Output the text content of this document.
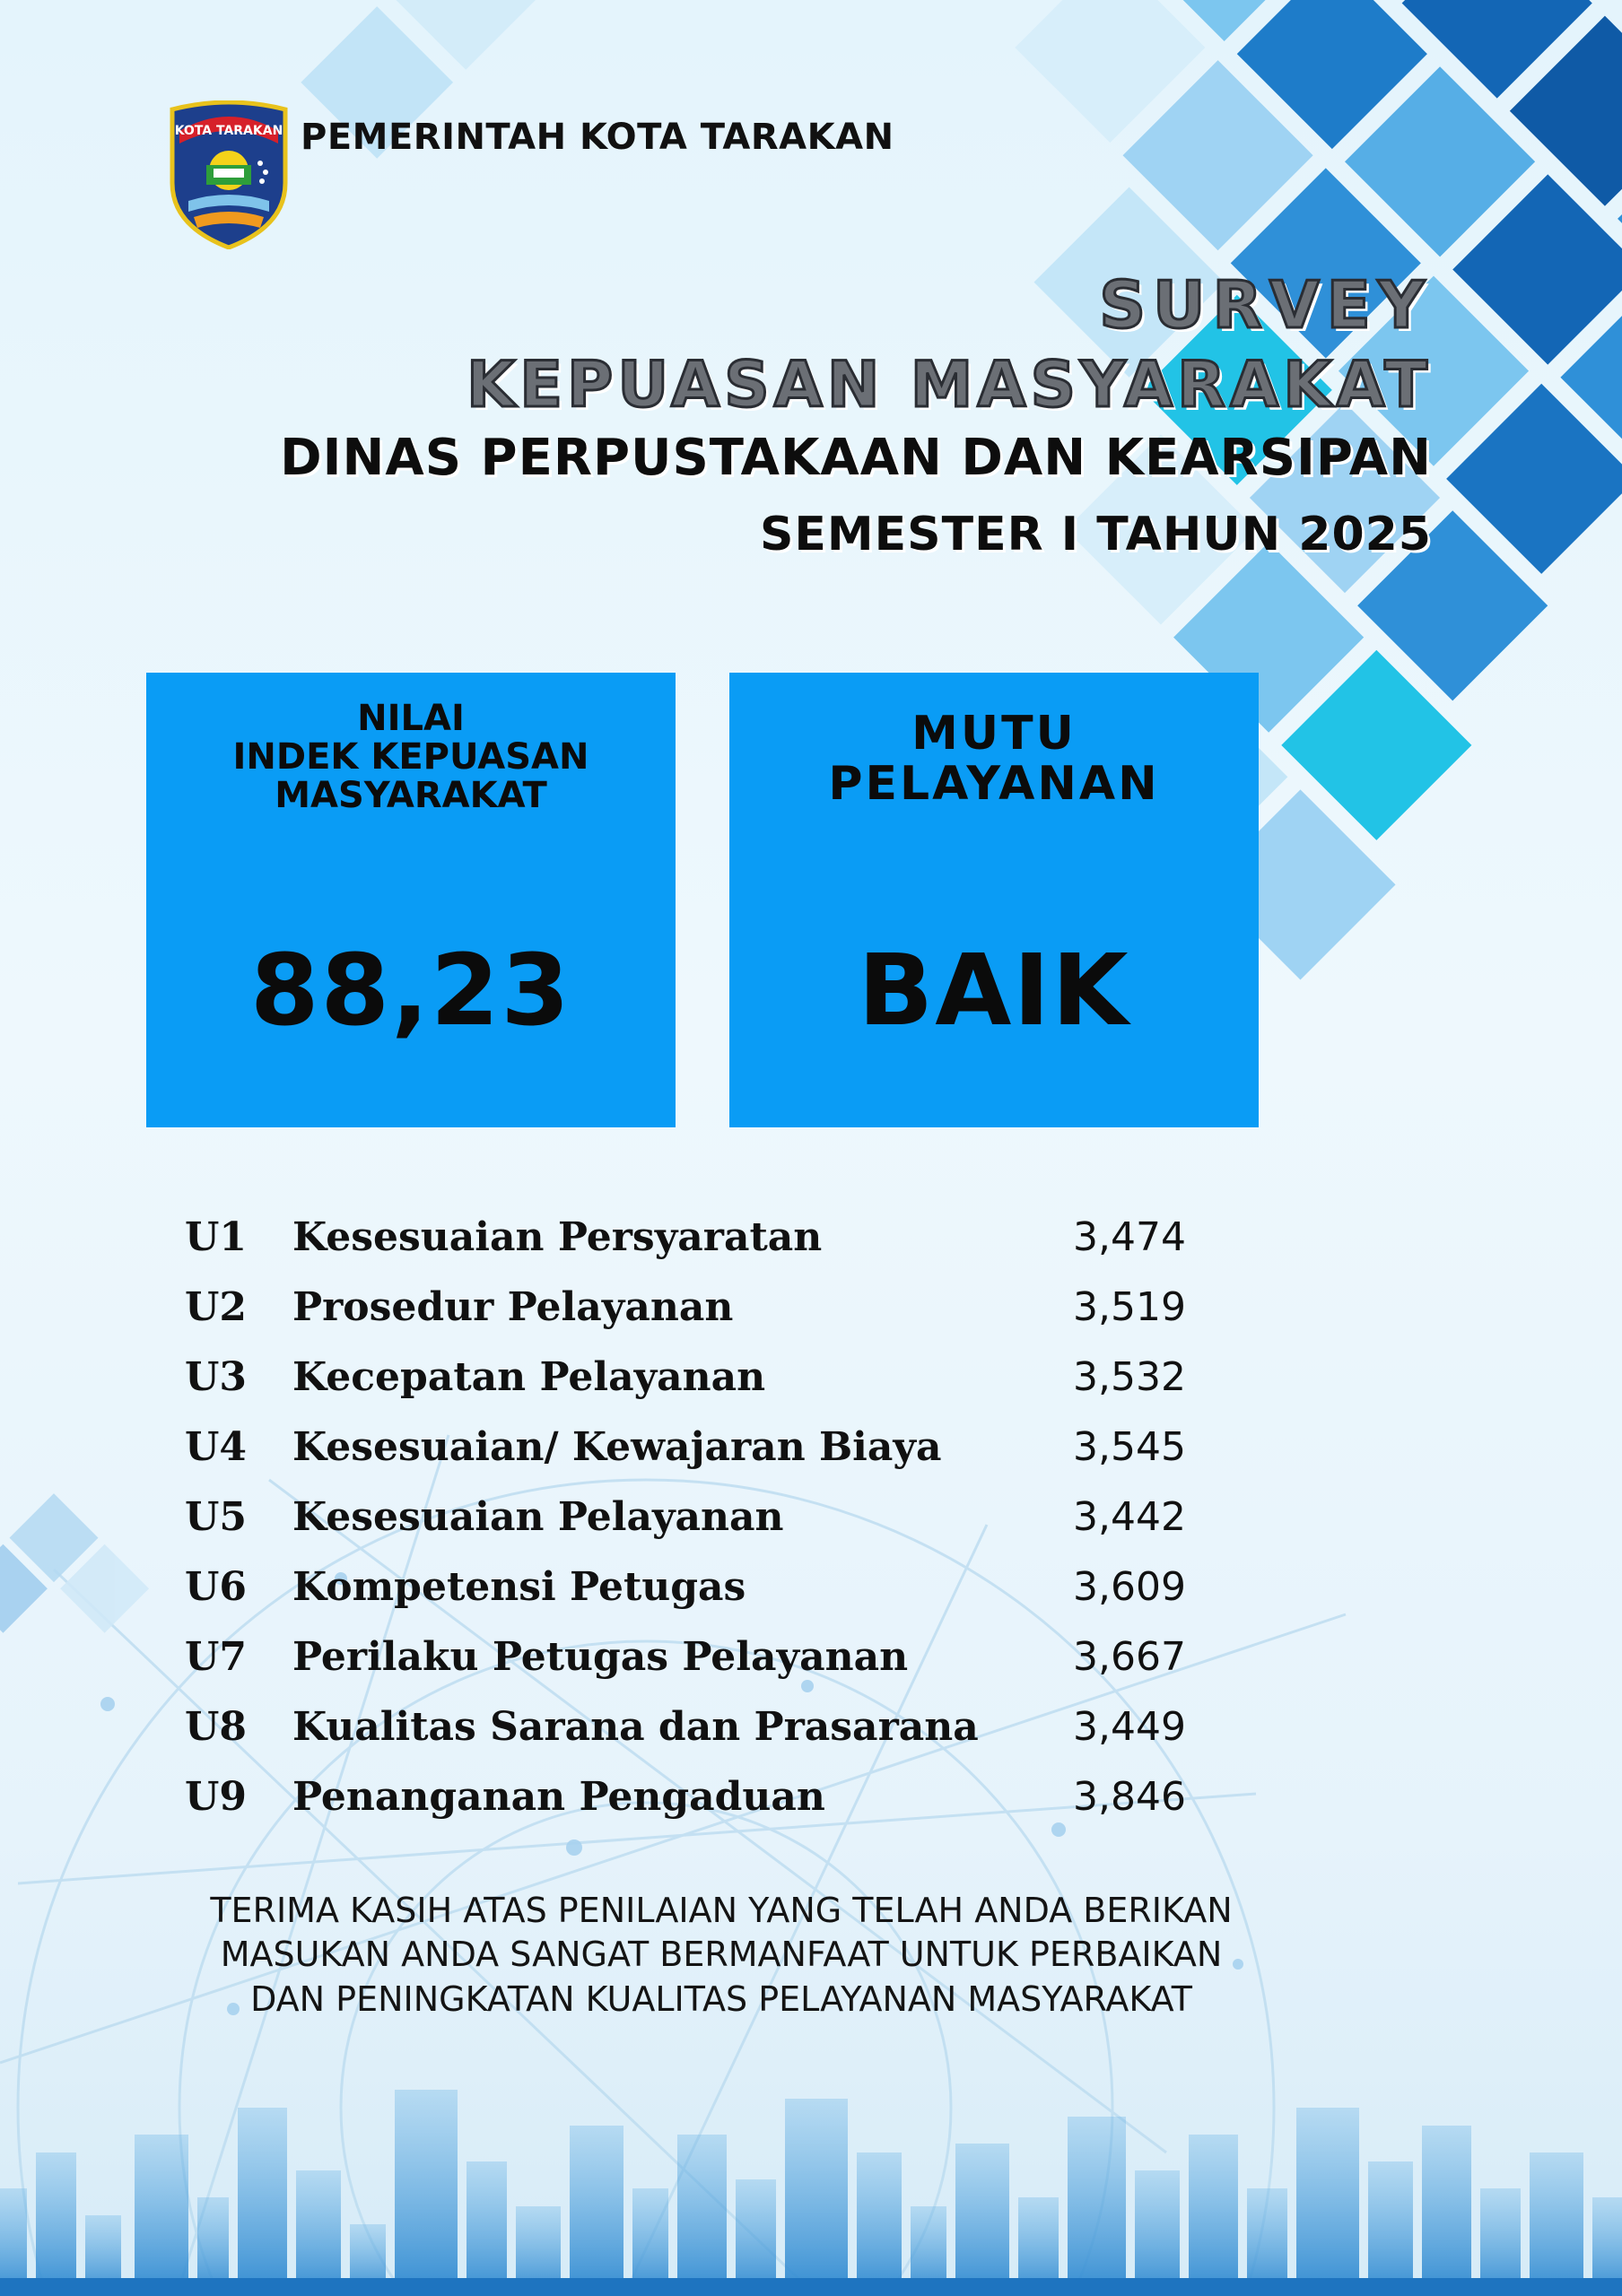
KOTA TARAKAN PEMERINTAH KOTA TARAKAN
SURVEY
KEPUASAN MASYARAKAT
DINAS PERPUSTAKAAN DAN KEARSIPAN
SEMESTER I TAHUN 2025
NILAI
INDEK KEPUASAN
MASYARAKAT
88,23
MUTU
PELAYANAN
BAIK
U1	Kesesuaian Persyaratan	3,474
U2	Prosedur Pelayanan	3,519
U3	Kecepatan Pelayanan	3,532
U4	Kesesuaian/ Kewajaran Biaya	3,545
U5	Kesesuaian Pelayanan	3,442
U6	Kompetensi Petugas	3,609
U7	Perilaku Petugas Pelayanan	3,667
U8	Kualitas Sarana dan Prasarana	3,449
U9	Penanganan Pengaduan	3,846
TERIMA KASIH ATAS PENILAIAN YANG TELAH ANDA BERIKAN
MASUKAN ANDA SANGAT BERMANFAAT UNTUK PERBAIKAN
DAN PENINGKATAN KUALITAS PELAYANAN MASYARAKAT
